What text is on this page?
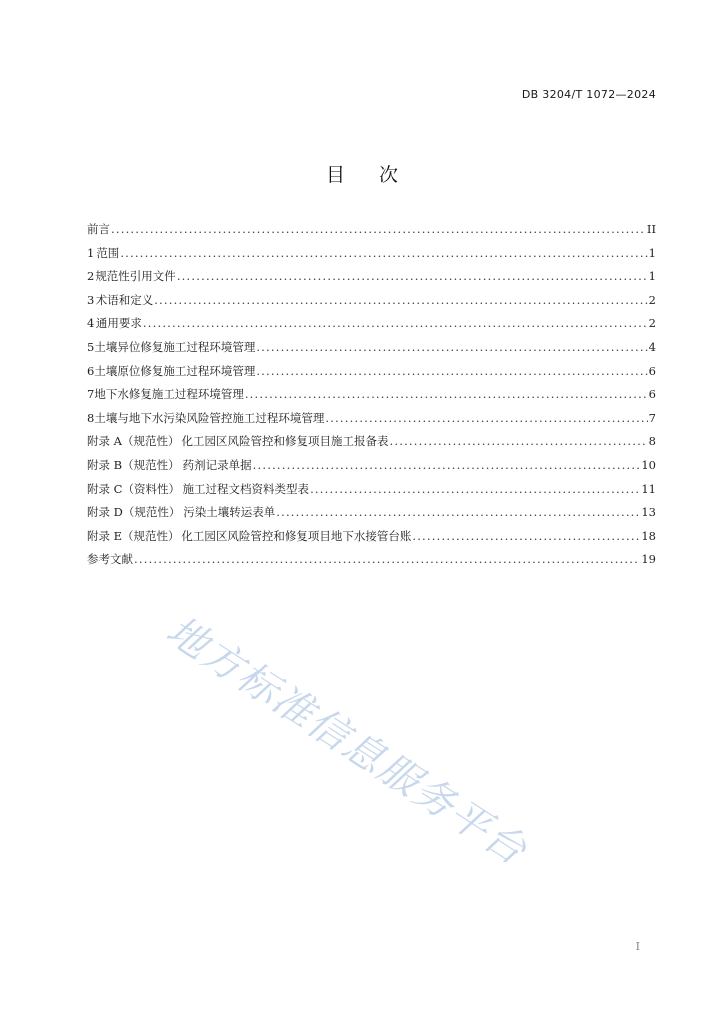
DB 3204/T 1072—2024
目次
前言 .....	II
1 范围 .....	1
2 规范性引用文件 .....	1
3 术语和定义 .....	2
4 通用要求 .....	2
5 土壤异位修复施工过程环境管理 .....	4
6 土壤原位修复施工过程环境管理 .....	6
7 地下水修复施工过程环境管理 .....	6
8 土壤与地下水污染风险管控施工过程环境管理 .....	7
附录 A（规范性） 化工园区风险管控和修复项目施工报备表 .....	8
附录 B（规范性） 药剂记录单据 .....	10
附录 C（资料性） 施工过程文档资料类型表 .....	11
附录 D（规范性） 污染土壤转运表单 .....	13
附录 E（规范性） 化工园区风险管控和修复项目地下水接管台账 .....	18
参考文献 .....	19
地方标准信息服务平台
I
